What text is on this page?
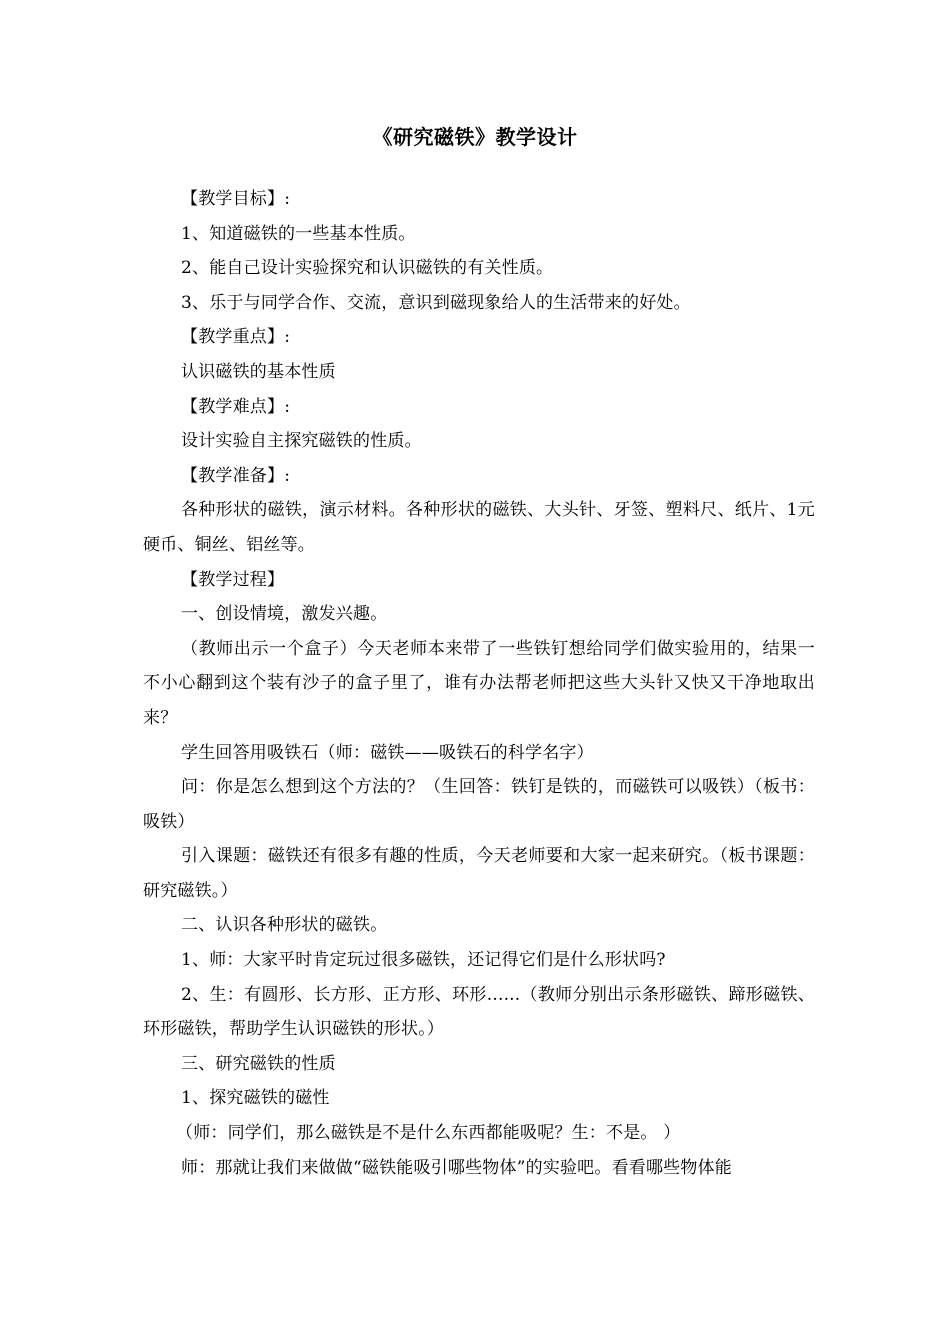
《研究磁铁》教学设计

【教学目标】:

1、知道磁铁的一些基本性质。

2、能自己设计实验探究和认识磁铁的有关性质。

3、乐于与同学合作、交流，意识到磁现象给人的生活带来的好处。

【教学重点】:

认识磁铁的基本性质

【教学难点】:

设计实验自主探究磁铁的性质。

【教学准备】:

各种形状的磁铁，演示材料。各种形状的磁铁、大头针、牙签、塑料尺、纸片、1元硬币、铜丝、铝丝等。

【教学过程】

一、创设情境，激发兴趣。

（教师出示一个盒子）今天老师本来带了一些铁钉想给同学们做实验用的，结果一不小心翻到这个装有沙子的盒子里了，谁有办法帮老师把这些大头针又快又干净地取出来？

学生回答用吸铁石（师：磁铁——吸铁石的科学名字）

问：你是怎么想到这个方法的？（生回答：铁钉是铁的，而磁铁可以吸铁）（板书：吸铁）

引入课题：磁铁还有很多有趣的性质，今天老师要和大家一起来研究。（板书课题：研究磁铁。）

二、认识各种形状的磁铁。

1、师：大家平时肯定玩过很多磁铁，还记得它们是什么形状吗?

2、生：有圆形、长方形、正方形、环形......（教师分别出示条形磁铁、蹄形磁铁、环形磁铁，帮助学生认识磁铁的形状。）

三、研究磁铁的性质

1、探究磁铁的磁性

（师：同学们，那么磁铁是不是什么东西都能吸呢？生：不是。 ）

师：那就让我们来做做“磁铁能吸引哪些物体”的实验吧。看看哪些物体能
